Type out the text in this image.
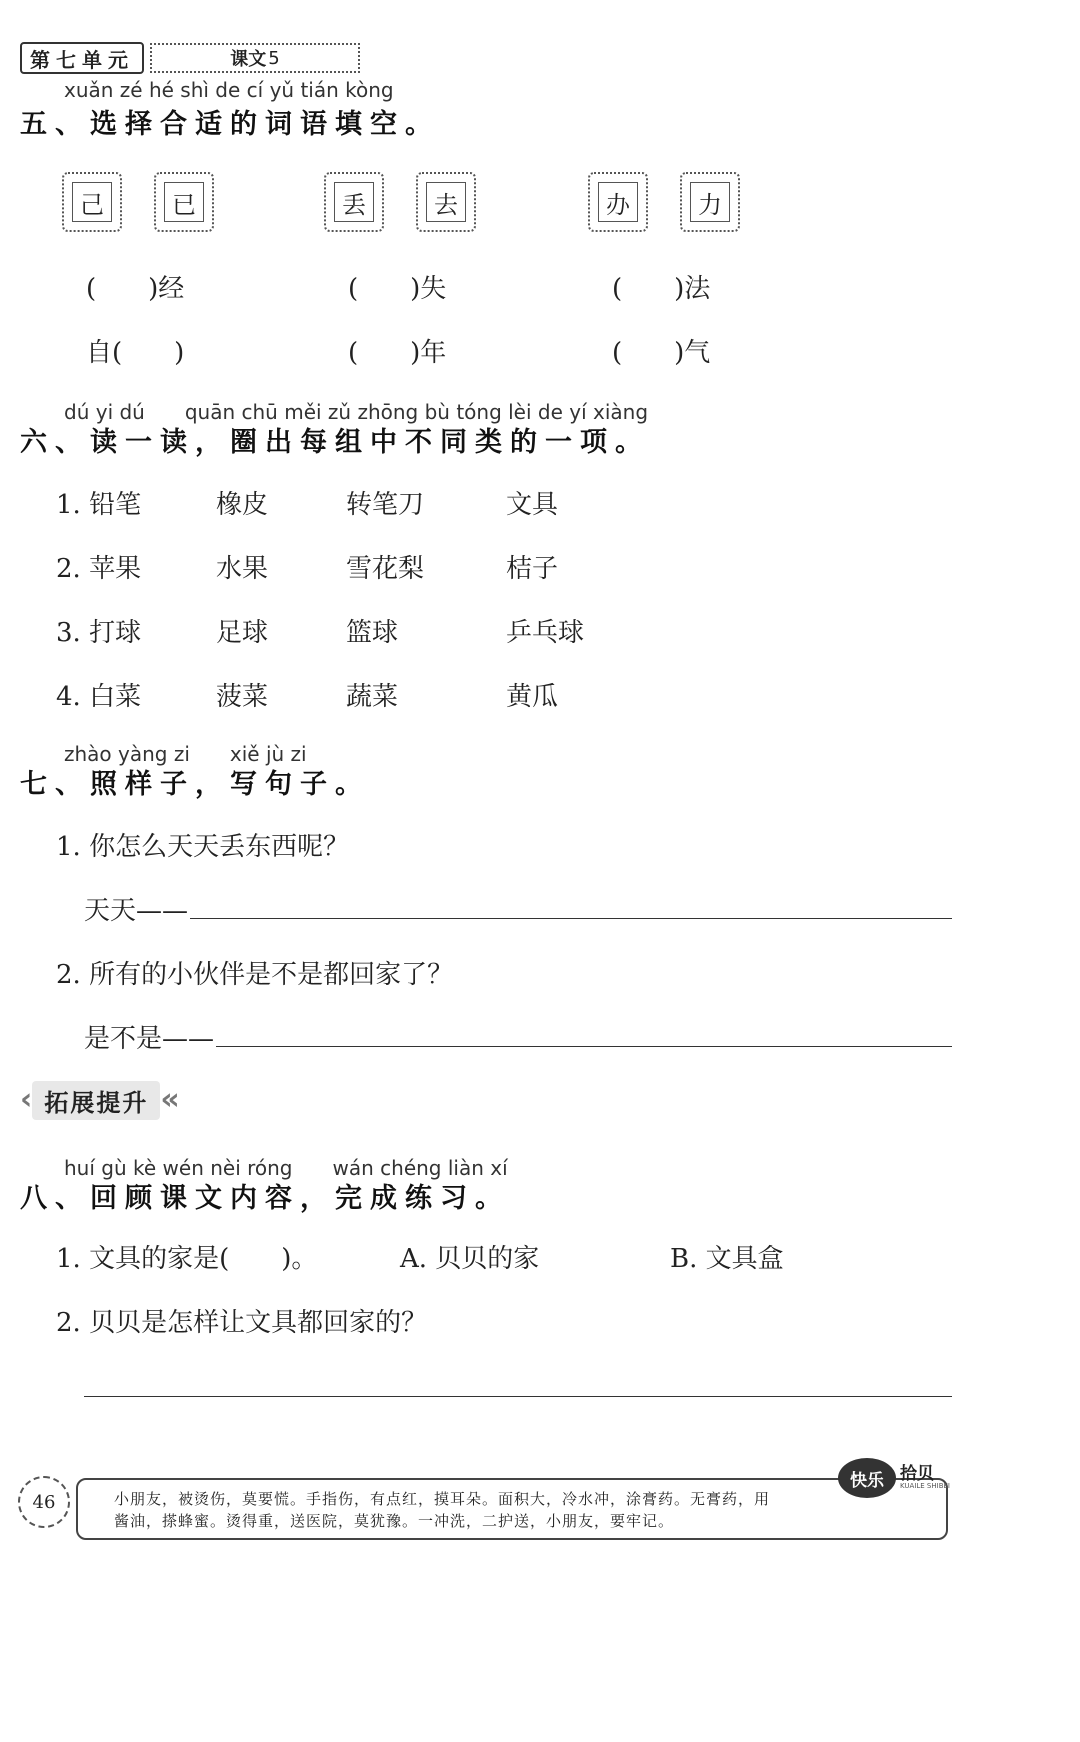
第七单元	课文 5
xuǎn zé hé shì de cí yǔ tián kòng
五、选择合适的词语填空。
己	已	丢	去	办	力
(　　)经	(　　)失	(　　)法
自(　　)	(　　)年	(　　)气
dú yi dú　　quān chū měi zǔ zhōng bù tóng lèi de yí xiàng
六、读一读，圈出每组中不同类的一项。
1. 铅笔	橡皮	转笔刀	文具
2. 苹果	水果	雪花梨	桔子
3. 打球	足球	篮球	乒乓球
4. 白菜	菠菜	蔬菜	黄瓜
zhào yàng zi　　xiě jù zi
七、照样子，写句子。
1. 你怎么天天丢东西呢？
天天——
2. 所有的小伙伴是不是都回家了？
是不是——
‹ 拓展提升 «
huí gù kè wén nèi róng　　wán chéng liàn xí
八、回顾课文内容，完成练习。
1. 文具的家是(　　)。	A. 贝贝的家	B. 文具盒
2. 贝贝是怎样让文具都回家的？
46	小朋友，被烫伤，莫要慌。手指伤，有点红，摸耳朵。面积大，冷水冲，涂膏药。无膏药，用
酱油，搽蜂蜜。烫得重，送医院，莫犹豫。一冲洗，二护送，小朋友，要牢记。
快乐 拾贝
KUAILE SHIBEI
